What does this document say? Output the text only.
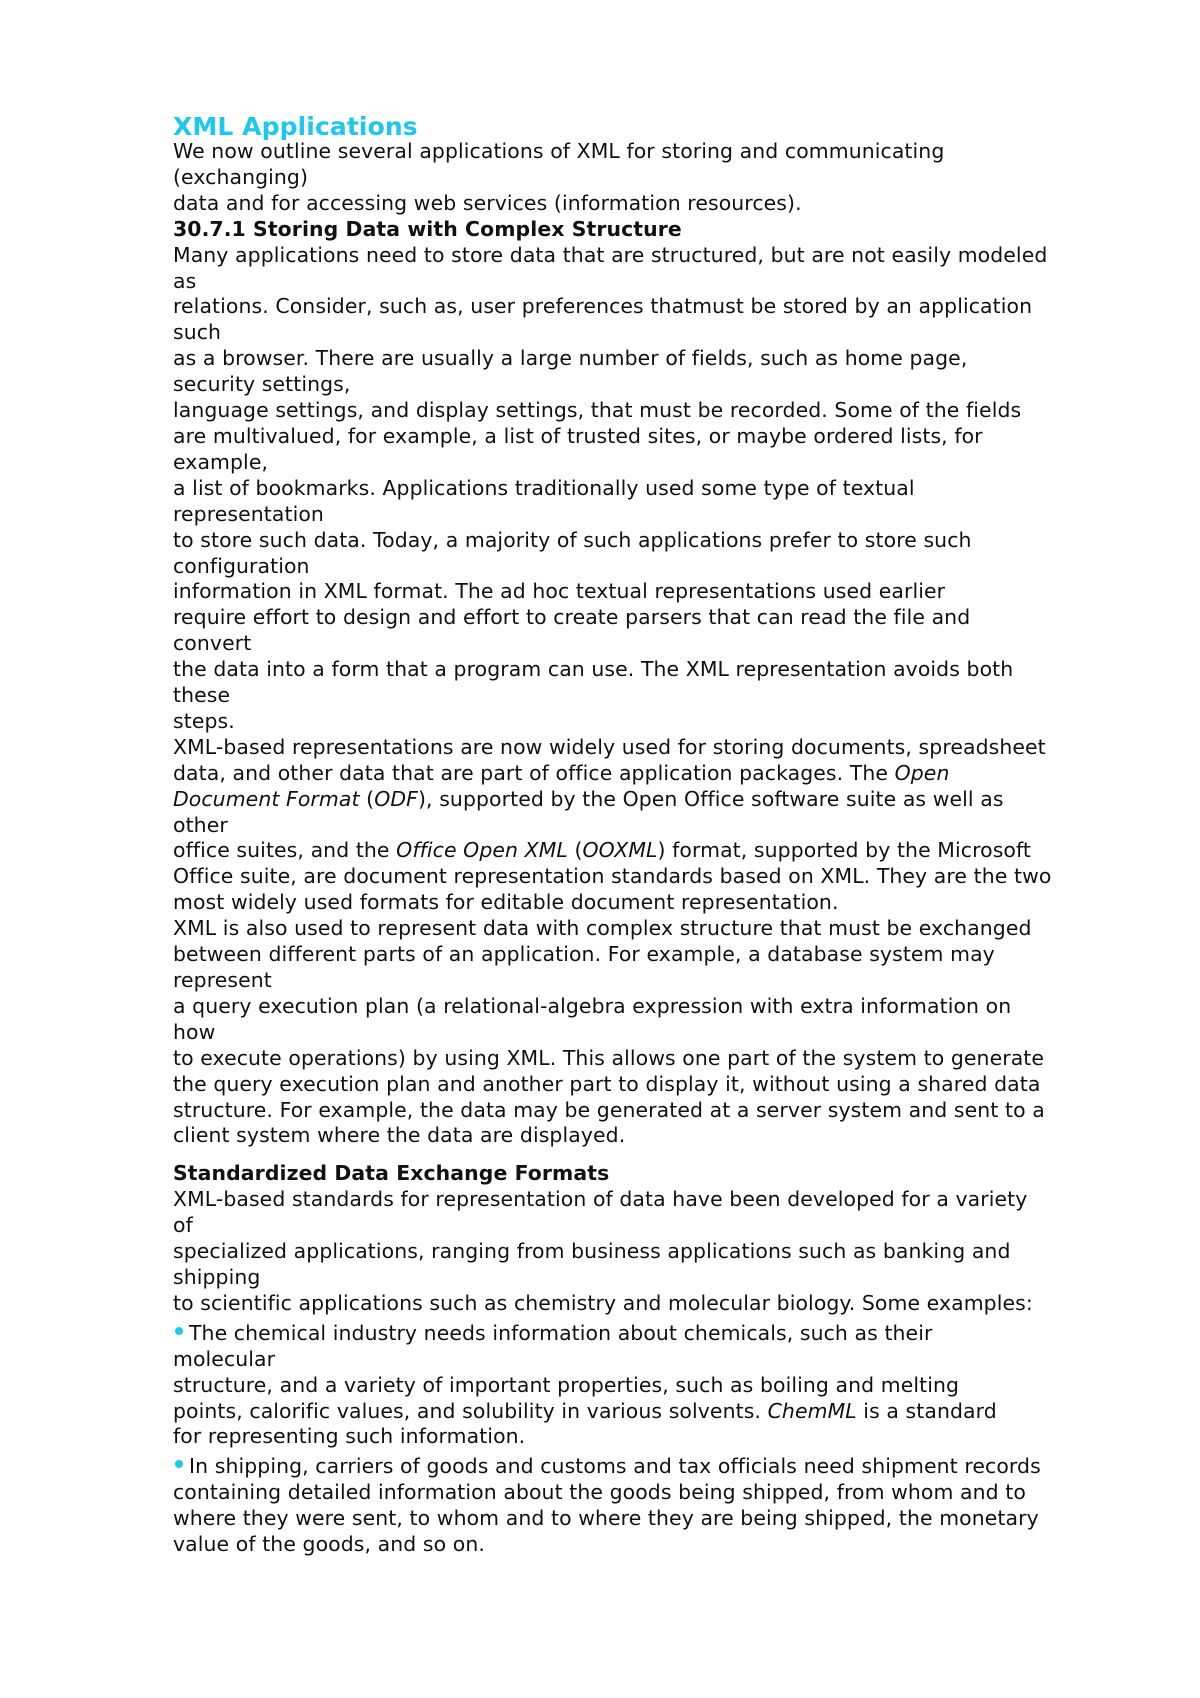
XML Applications
We now outline several applications of XML for storing and communicating
(exchanging)
data and for accessing web services (information resources).
30.7.1 Storing Data with Complex Structure
Many applications need to store data that are structured, but are not easily modeled
as
relations. Consider, such as, user preferences thatmust be stored by an application
such
as a browser. There are usually a large number of fields, such as home page,
security settings,
language settings, and display settings, that must be recorded. Some of the fields
are multivalued, for example, a list of trusted sites, or maybe ordered lists, for
example,
a list of bookmarks. Applications traditionally used some type of textual
representation
to store such data. Today, a majority of such applications prefer to store such
configuration
information in XML format. The ad hoc textual representations used earlier
require effort to design and effort to create parsers that can read the file and
convert
the data into a form that a program can use. The XML representation avoids both
these
steps.
XML-based representations are now widely used for storing documents, spreadsheet
data, and other data that are part of office application packages. The Open
Document Format (ODF), supported by the Open Office software suite as well as
other
office suites, and the Office Open XML (OOXML) format, supported by the Microsoft
Office suite, are document representation standards based on XML. They are the two
most widely used formats for editable document representation.
XML is also used to represent data with complex structure that must be exchanged
between different parts of an application. For example, a database system may
represent
a query execution plan (a relational-algebra expression with extra information on
how
to execute operations) by using XML. This allows one part of the system to generate
the query execution plan and another part to display it, without using a shared data
structure. For example, the data may be generated at a server system and sent to a
client system where the data are displayed.
Standardized Data Exchange Formats
XML-based standards for representation of data have been developed for a variety
of
specialized applications, ranging from business applications such as banking and
shipping
to scientific applications such as chemistry and molecular biology. Some examples:
The chemical industry needs information about chemicals, such as their
molecular
structure, and a variety of important properties, such as boiling and melting
points, calorific values, and solubility in various solvents. ChemML is a standard
for representing such information.
In shipping, carriers of goods and customs and tax officials need shipment records
containing detailed information about the goods being shipped, from whom and to
where they were sent, to whom and to where they are being shipped, the monetary
value of the goods, and so on.
